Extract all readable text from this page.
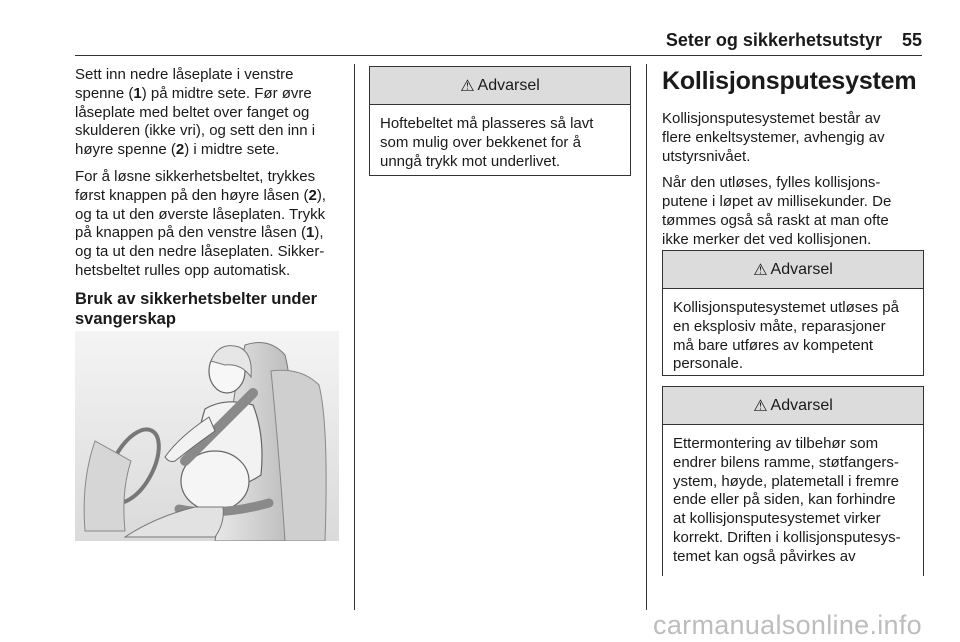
Seter og sikkerhetsutstyr 55

Sett inn nedre låseplate i venstre
spenne (1) på midtre sete. Før øvre
låseplate med beltet over fanget og
skulderen (ikke vri), og sett den inn i
høyre spenne (2) i midtre sete.

For å løsne sikkerhetsbeltet, trykkes
først knappen på den høyre låsen (2),
og ta ut den øverste låseplaten. Trykk
på knappen på den venstre låsen (1),
og ta ut den nedre låseplaten. Sikker-
hetsbeltet rulles opp automatisk.

Bruk av sikkerhetsbelter under
svangerskap

⚠ Advarsel
Hoftebeltet må plasseres så lavt
som mulig over bekkenet for å
unngå trykk mot underlivet.
Kollisjonsputesystem

Kollisjonsputesystemet består av
flere enkeltsystemer, avhengig av
utstyrsnivået.

Når den utløses, fylles kollisjons-
putene i løpet av millisekunder. De
tømmes også så raskt at man ofte
ikke merker det ved kollisjonen.

⚠ Advarsel
Kollisjonsputesystemet utløses på
en eksplosiv måte, reparasjoner
må bare utføres av kompetent
personale.
⚠ Advarsel
Ettermontering av tilbehør som
endrer bilens ramme, støtfangers-
ystem, høyde, platemetall i fremre
ende eller på siden, kan forhindre
at kollisjonsputesystemet virker
korrekt. Driften i kollisjonsputesys-
temet kan også påvirkes av
carmanualsonline.info
